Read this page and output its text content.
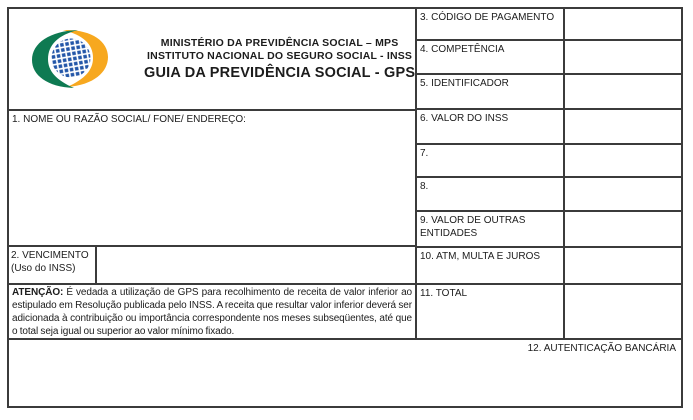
MINISTÉRIO DA PREVIDÊNCIA SOCIAL – MPS
INSTITUTO NACIONAL DO SEGURO SOCIAL - INSS
GUIA DA PREVIDÊNCIA SOCIAL - GPS
1. NOME OU RAZÃO SOCIAL/ FONE/ ENDEREÇO:
2. VENCIMENTO
(Uso do INSS)
ATENÇÃO: É vedada a utilização de GPS para recolhimento de receita de valor inferior ao estipulado em Resolução publicada pelo INSS. A receita que resultar valor inferior deverá ser adicionada à contribuição ou importância correspondente nos meses subseqüentes, até que o total seja igual ou superior ao valor mínimo fixado.
3. CÓDIGO DE PAGAMENTO
4. COMPETÊNCIA
5. IDENTIFICADOR
6. VALOR DO INSS
7.
8.
9. VALOR DE OUTRAS ENTIDADES
10. ATM, MULTA E JUROS
11. TOTAL
12. AUTENTICAÇÃO BANCÁRIA
